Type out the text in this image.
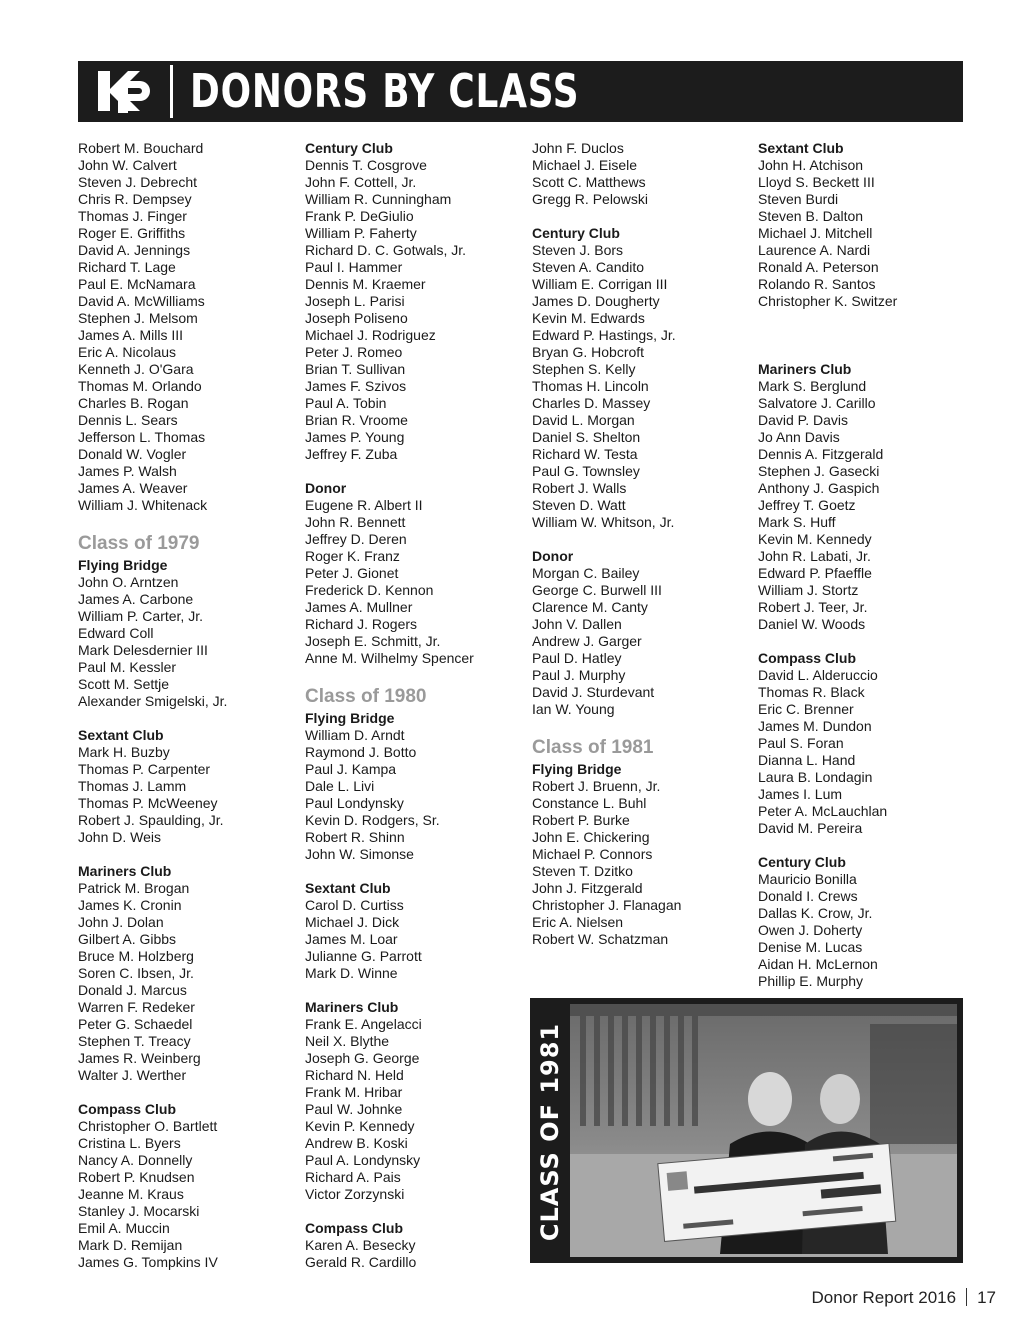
DONORS BY CLASS
Robert M. Bouchard
John W. Calvert
Steven J. Debrecht
Chris R. Dempsey
Thomas J. Finger
Roger E. Griffiths
David A. Jennings
Richard T. Lage
Paul E. McNamara
David A. McWilliams
Stephen J. Melsom
James A. Mills III
Eric A. Nicolaus
Kenneth J. O'Gara
Thomas M. Orlando
Charles B. Rogan
Dennis L. Sears
Jefferson L. Thomas
Donald W. Vogler
James P. Walsh
James A. Weaver
William J. Whitenack
Class of 1979
Flying Bridge
John O. Arntzen
James A. Carbone
William P. Carter, Jr.
Edward Coll
Mark Delesdernier III
Paul M. Kessler
Scott M. Settje
Alexander Smigelski, Jr.
Sextant Club
Mark H. Buzby
Thomas P. Carpenter
Thomas J. Lamm
Thomas P. McWeeney
Robert J. Spaulding, Jr.
John D. Weis
Mariners Club
Patrick M. Brogan
James K. Cronin
John J. Dolan
Gilbert A. Gibbs
Bruce M. Holzberg
Soren C. Ibsen, Jr.
Donald J. Marcus
Warren F. Redeker
Peter G. Schaedel
Stephen T. Treacy
James R. Weinberg
Walter J. Werther
Compass Club
Christopher O. Bartlett
Cristina L. Byers
Nancy A. Donnelly
Robert P. Knudsen
Jeanne M. Kraus
Stanley J. Mocarski
Emil A. Muccin
Mark D. Remijan
James G. Tompkins IV
Century Club
Dennis T. Cosgrove
John F. Cottell, Jr.
William R. Cunningham
Frank P. DeGiulio
William P. Faherty
Richard D. C. Gotwals, Jr.
Paul I. Hammer
Dennis M. Kraemer
Joseph L. Parisi
Joseph Poliseno
Michael J. Rodriguez
Peter J. Romeo
Brian T. Sullivan
James F. Szivos
Paul A. Tobin
Brian R. Vroome
James P. Young
Jeffrey F. Zuba
Donor
Eugene R. Albert II
John R. Bennett
Jeffrey D. Deren
Roger K. Franz
Peter J. Gionet
Frederick D. Kennon
James A. Mullner
Richard J. Rogers
Joseph E. Schmitt, Jr.
Anne M. Wilhelmy Spencer
Class of 1980
Flying Bridge
William D. Arndt
Raymond J. Botto
Paul J. Kampa
Dale L. Livi
Paul Londynsky
Kevin D. Rodgers, Sr.
Robert R. Shinn
John W. Simonse
Sextant Club
Carol D. Curtiss
Michael J. Dick
James M. Loar
Julianne G. Parrott
Mark D. Winne
Mariners Club
Frank E. Angelacci
Neil X. Blythe
Joseph G. George
Richard N. Held
Frank M. Hribar
Paul W. Johnke
Kevin P. Kennedy
Andrew B. Koski
Paul A. Londynsky
Richard A. Pais
Victor Zorzynski
Compass Club
Karen A. Besecky
Gerald R. Cardillo
John F. Duclos
Michael J. Eisele
Scott C. Matthews
Gregg R. Pelowski
Century Club
Steven J. Bors
Steven A. Candito
William E. Corrigan III
James D. Dougherty
Kevin M. Edwards
Edward P. Hastings, Jr.
Bryan G. Hobcroft
Stephen S. Kelly
Thomas H. Lincoln
Charles D. Massey
David L. Morgan
Daniel S. Shelton
Richard W. Testa
Paul G. Townsley
Robert J. Walls
Steven D. Watt
William W. Whitson, Jr.
Donor
Morgan C. Bailey
George C. Burwell III
Clarence M. Canty
John V. Dallen
Andrew J. Garger
Paul D. Hatley
Paul J. Murphy
David J. Sturdevant
Ian W. Young
Class of 1981
Flying Bridge
Robert J. Bruenn, Jr.
Constance L. Buhl
Robert P. Burke
John E. Chickering
Michael P. Connors
Steven T. Dzitko
John J. Fitzgerald
Christopher J. Flanagan
Eric A. Nielsen
Robert W. Schatzman
Sextant Club
John H. Atchison
Lloyd S. Beckett III
Steven Burdi
Steven B. Dalton
Michael J. Mitchell
Laurence A. Nardi
Ronald A. Peterson
Rolando R. Santos
Christopher K. Switzer
Mariners Club
Mark S. Berglund
Salvatore J. Carillo
David P. Davis
Jo Ann Davis
Dennis A. Fitzgerald
Stephen J. Gasecki
Anthony J. Gaspich
Jeffrey T. Goetz
Mark S. Huff
Kevin M. Kennedy
John R. Labati, Jr.
Edward P. Pfaeffle
William J. Stortz
Robert J. Teer, Jr.
Daniel W. Woods
Compass Club
David L. Alderuccio
Thomas R. Black
Eric C. Brenner
James M. Dundon
Paul S. Foran
Dianna L. Hand
Laura B. Londagin
James I. Lum
Peter A. McLauchlan
David M. Pereira
Century Club
Mauricio Bonilla
Donald I. Crews
Dallas K. Crow, Jr.
Owen J. Doherty
Denise M. Lucas
Aidan H. McLernon
Phillip E. Murphy
CLASS OF 1981
Donor Report 2016 17
